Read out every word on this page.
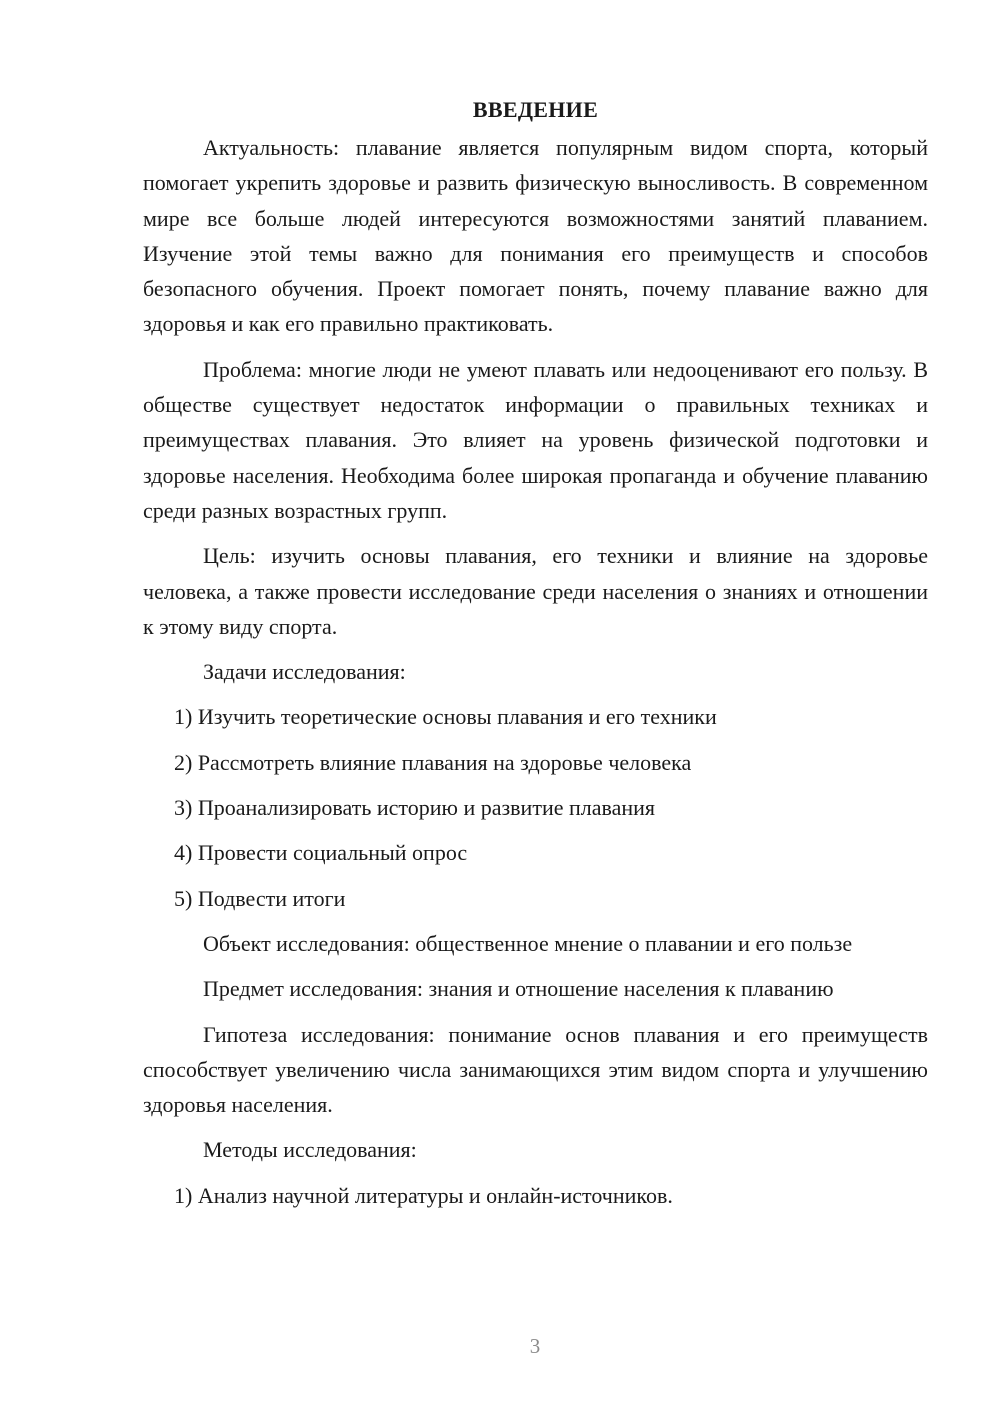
ВВЕДЕНИЕ

Актуальность: плавание является популярным видом спорта, который помогает укрепить здоровье и развить физическую выносливость. В современном мире все больше людей интересуются возможностями занятий плаванием. Изучение этой темы важно для понимания его преимуществ и способов безопасного обучения. Проект помогает понять, почему плавание важно для здоровья и как его правильно практиковать.

Проблема: многие люди не умеют плавать или недооценивают его пользу. В обществе существует недостаток информации о правильных техниках и преимуществах плавания. Это влияет на уровень физической подготовки и здоровье населения. Необходима более широкая пропаганда и обучение плаванию среди разных возрастных групп.

Цель: изучить основы плавания, его техники и влияние на здоровье человека, а также провести исследование среди населения о знаниях и отношении к этому виду спорта.

Задачи исследования:

1) Изучить теоретические основы плавания и его техники
2) Рассмотреть влияние плавания на здоровье человека
3) Проанализировать историю и развитие плавания
4) Провести социальный опрос
5) Подвести итоги

Объект исследования: общественное мнение о плавании и его пользе

Предмет исследования: знания и отношение населения к плаванию

Гипотеза исследования: понимание основ плавания и его преимуществ способствует увеличению числа занимающихся этим видом спорта и улучшению здоровья населения.

Методы исследования:

1) Анализ научной литературы и онлайн-источников.
3
